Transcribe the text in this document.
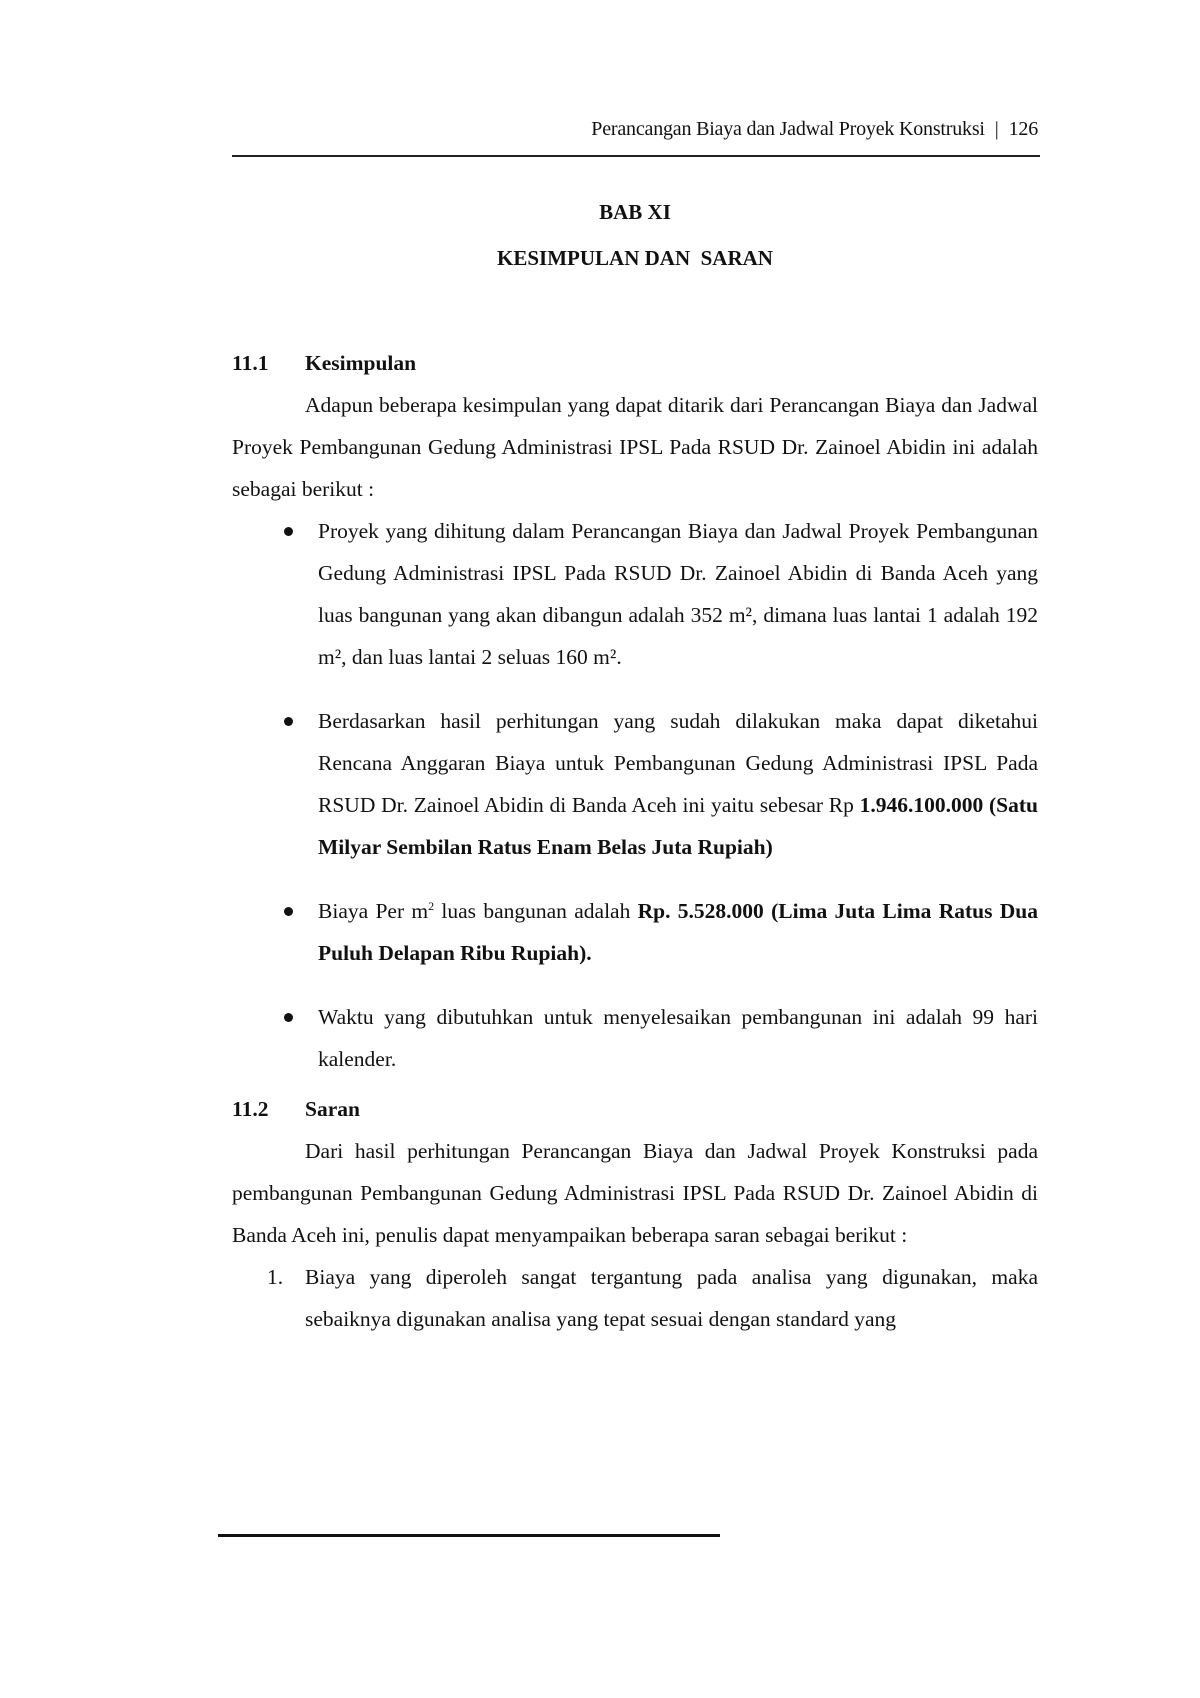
Perancangan Biaya dan Jadwal Proyek Konstruksi | 126
BAB XI
KESIMPULAN DAN  SARAN
11.1	Kesimpulan

Adapun beberapa kesimpulan yang dapat ditarik dari Perancangan Biaya dan Jadwal Proyek Pembangunan Gedung Administrasi IPSL Pada RSUD Dr. Zainoel Abidin ini adalah sebagai berikut :

Proyek yang dihitung dalam Perancangan Biaya dan Jadwal Proyek Pembangunan Gedung Administrasi IPSL Pada RSUD Dr. Zainoel Abidin di Banda Aceh yang luas bangunan yang akan dibangun adalah 352 m², dimana luas lantai 1 adalah 192 m², dan luas lantai 2 seluas 160 m².
Berdasarkan hasil perhitungan yang sudah dilakukan maka dapat diketahui Rencana Anggaran Biaya untuk Pembangunan Gedung Administrasi IPSL Pada RSUD Dr. Zainoel Abidin di Banda Aceh ini yaitu sebesar Rp 1.946.100.000 (Satu Milyar Sembilan Ratus Enam Belas Juta Rupiah)
Biaya Per $m^2$ luas bangunan adalah Rp. 5.528.000 (Lima Juta Lima Ratus Dua Puluh Delapan Ribu Rupiah).
Waktu yang dibutuhkan untuk menyelesaikan pembangunan ini adalah 99 hari kalender.
11.2	Saran

Dari hasil perhitungan Perancangan Biaya dan Jadwal Proyek Konstruksi pada pembangunan Pembangunan Gedung Administrasi IPSL Pada RSUD Dr. Zainoel Abidin di Banda Aceh ini, penulis dapat menyampaikan beberapa saran sebagai berikut :

1. Biaya yang diperoleh sangat tergantung pada analisa yang digunakan, maka sebaiknya digunakan analisa yang tepat sesuai dengan standard yang
